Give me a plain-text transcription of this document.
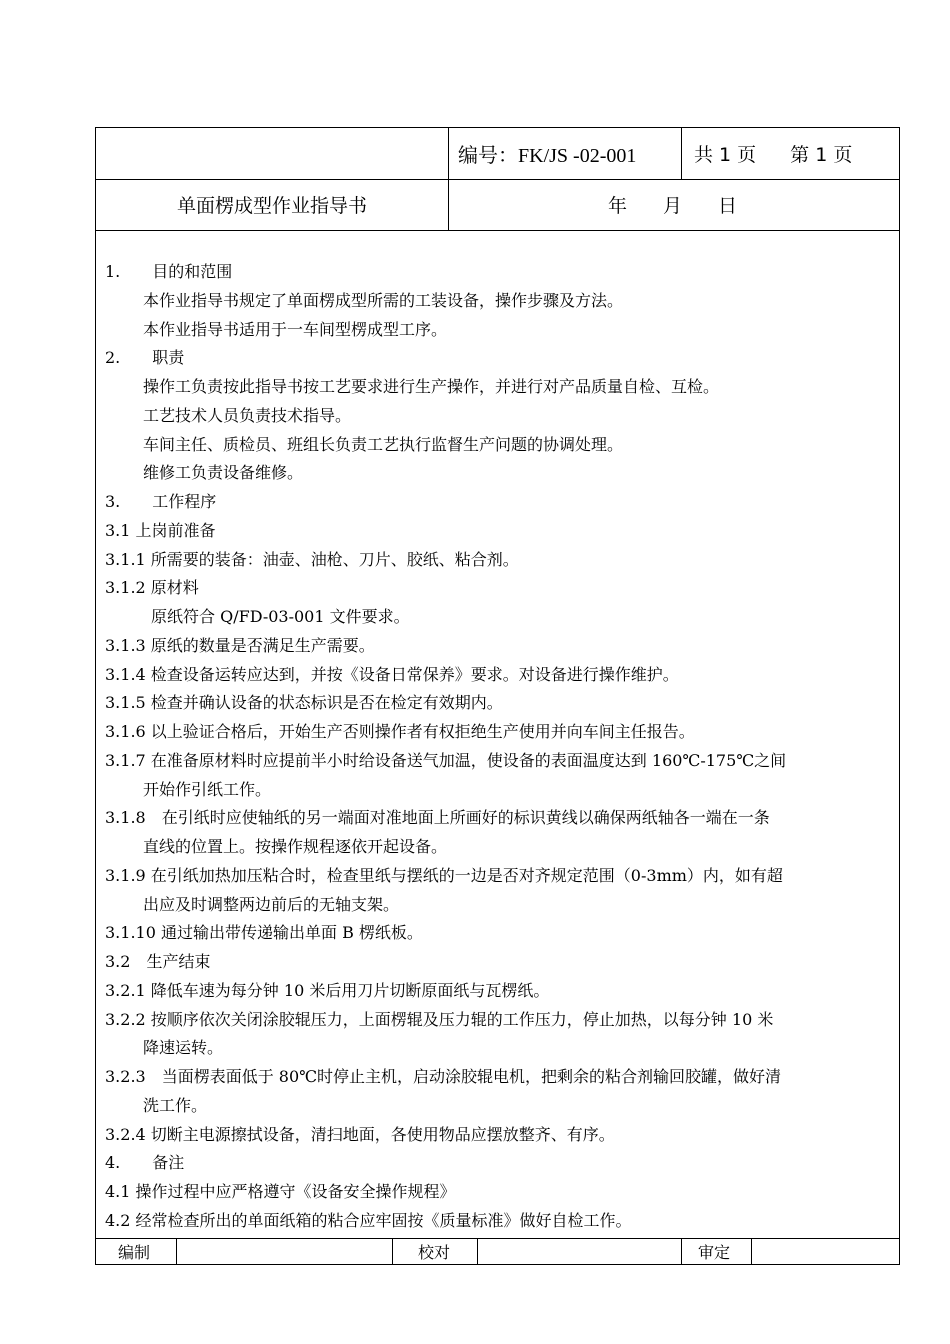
编号：FK/JS -02-001	共 1 页 第 1 页
单面楞成型作业指导书	年 月 日
1.　　目的和范围
本作业指导书规定了单面楞成型所需的工装设备，操作步骤及方法。
本作业指导书适用于一车间型楞成型工序。
2.　　职责
操作工负责按此指导书按工艺要求进行生产操作，并进行对产品质量自检、互检。
工艺技术人员负责技术指导。
车间主任、质检员、班组长负责工艺执行监督生产问题的协调处理。
维修工负责设备维修。
3.　　工作程序
3.1 上岗前准备
3.1.1 所需要的装备：油壶、油枪、刀片、胶纸、粘合剂。
3.1.2 原材料
原纸符合 Q/FD-03-001 文件要求。
3.1.3 原纸的数量是否满足生产需要。
3.1.4 检查设备运转应达到，并按《设备日常保养》要求。对设备进行操作维护。
3.1.5 检查并确认设备的状态标识是否在检定有效期内。
3.1.6 以上验证合格后，开始生产否则操作者有权拒绝生产使用并向车间主任报告。
3.1.7 在准备原材料时应提前半小时给设备送气加温，使设备的表面温度达到 160℃-175℃之间
开始作引纸工作。
3.1.8　在引纸时应使轴纸的另一端面对准地面上所画好的标识黄线以确保两纸轴各一端在一条
直线的位置上。按操作规程逐依开起设备。
3.1.9 在引纸加热加压粘合时，检查里纸与摆纸的一边是否对齐规定范围（0-3mm）内，如有超
出应及时调整两边前后的无轴支架。
3.1.10 通过输出带传递输出单面 B 楞纸板。
3.2　生产结束
3.2.1 降低车速为每分钟 10 米后用刀片切断原面纸与瓦楞纸。
3.2.2 按顺序依次关闭涂胶辊压力，上面楞辊及压力辊的工作压力，停止加热，以每分钟 10 米
降速运转。
3.2.3　当面楞表面低于 80℃时停止主机，启动涂胶辊电机，把剩余的粘合剂输回胶罐，做好清
洗工作。
3.2.4 切断主电源擦拭设备，清扫地面，各使用物品应摆放整齐、有序。
4.　　备注
4.1 操作过程中应严格遵守《设备安全操作规程》
4.2 经常检查所出的单面纸箱的粘合应牢固按《质量标准》做好自检工作。
编制	校对	审定
